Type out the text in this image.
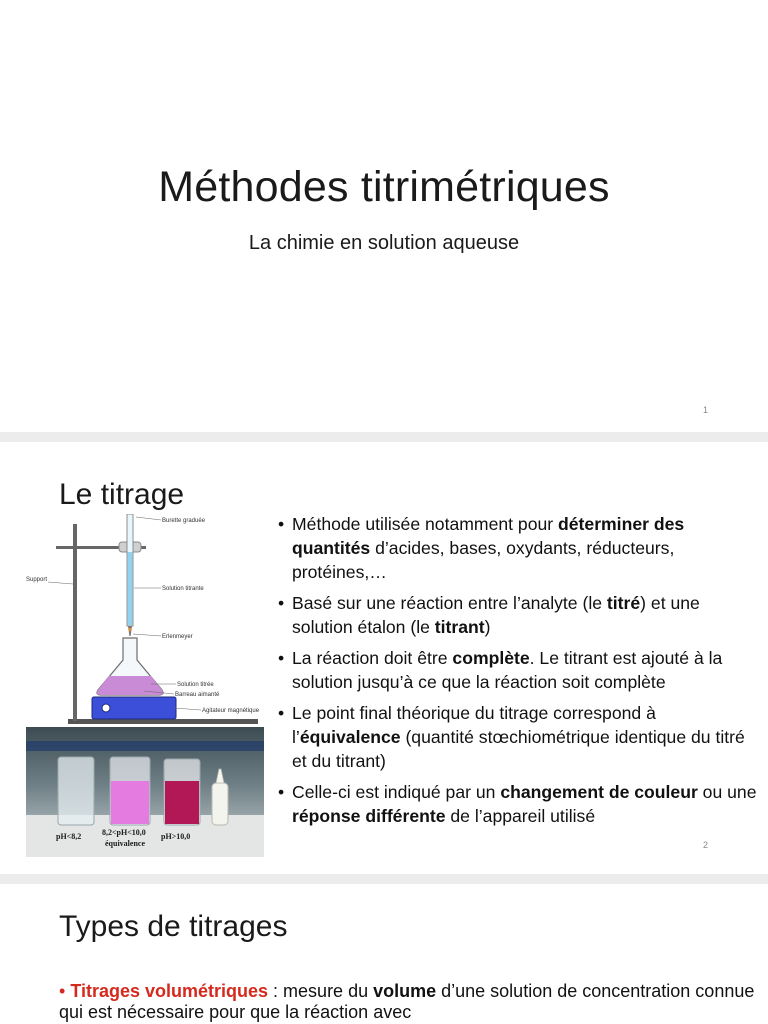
Méthodes titrimétriques
La chimie en solution aqueuse
1
Le titrage
Burette graduée
Support
Solution titrante
Erlenmeyer
Solution titrée
Barreau aimanté
Agitateur magnétique
pH<8,2	8,2<pH<10,0
équivalence
pH>10,0
• Méthode utilisée notamment pour déterminer des quantités d’acides, bases, oxydants, réducteurs, protéines,…
• Basé sur une réaction entre l’analyte (le titré) et une solution étalon (le titrant)
• La réaction doit être complète. Le titrant est ajouté à la solution jusqu’à ce que la réaction soit complète
• Le point final théorique du titrage correspond à l’équivalence (quantité stœchiométrique identique du titré et du titrant)
• Celle-ci est indiqué par un changement de couleur ou une réponse différente de l’appareil utilisé
2
Types de titrages
• Titrages volumétriques : mesure du volume d’une solution de concentration connue qui est nécessaire pour que la réaction avec
